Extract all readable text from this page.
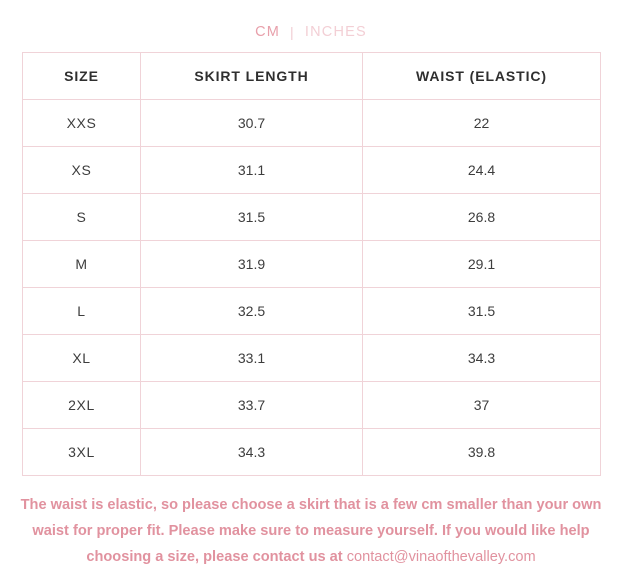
CM | INCHES
SIZE	SKIRT LENGTH	WAIST (ELASTIC)
XXS	30.7	22
XS	31.1	24.4
S	31.5	26.8
M	31.9	29.1
L	32.5	31.5
XL	33.1	34.3
2XL	33.7	37
3XL	34.3	39.8
The waist is elastic, so please choose a skirt that is a few cm smaller than your own waist for proper fit. Please make sure to measure yourself. If you would like help choosing a size, please contact us at contact@vinaofthevalley.com
